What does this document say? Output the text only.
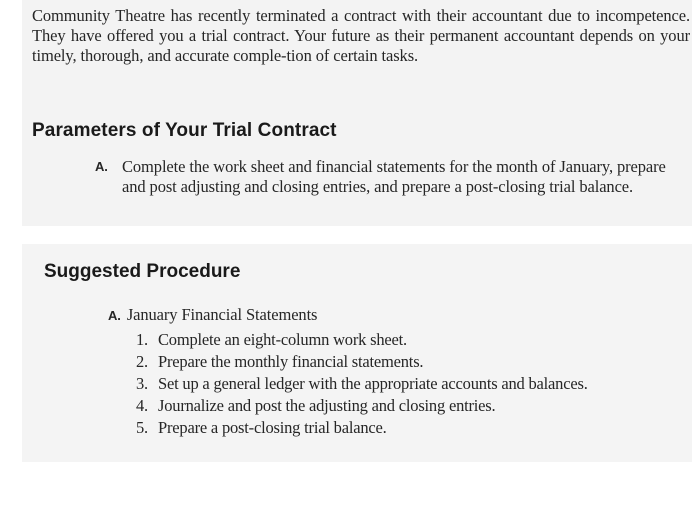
Community Theatre has recently terminated a contract with their accountant due to incompetence. They have offered you a trial contract. Your future as their permanent accountant depends on your timely, thorough, and accurate comple-tion of certain tasks.

Parameters of Your Trial Contract
A. Complete the work sheet and financial statements for the month of January, prepare and post adjusting and closing entries, and prepare a post-closing trial balance.
Suggested Procedure
A. January Financial Statements
1. Complete an eight-column work sheet.
2. Prepare the monthly financial statements.
3. Set up a general ledger with the appropriate accounts and balances.
4. Journalize and post the adjusting and closing entries.
5. Prepare a post-closing trial balance.
